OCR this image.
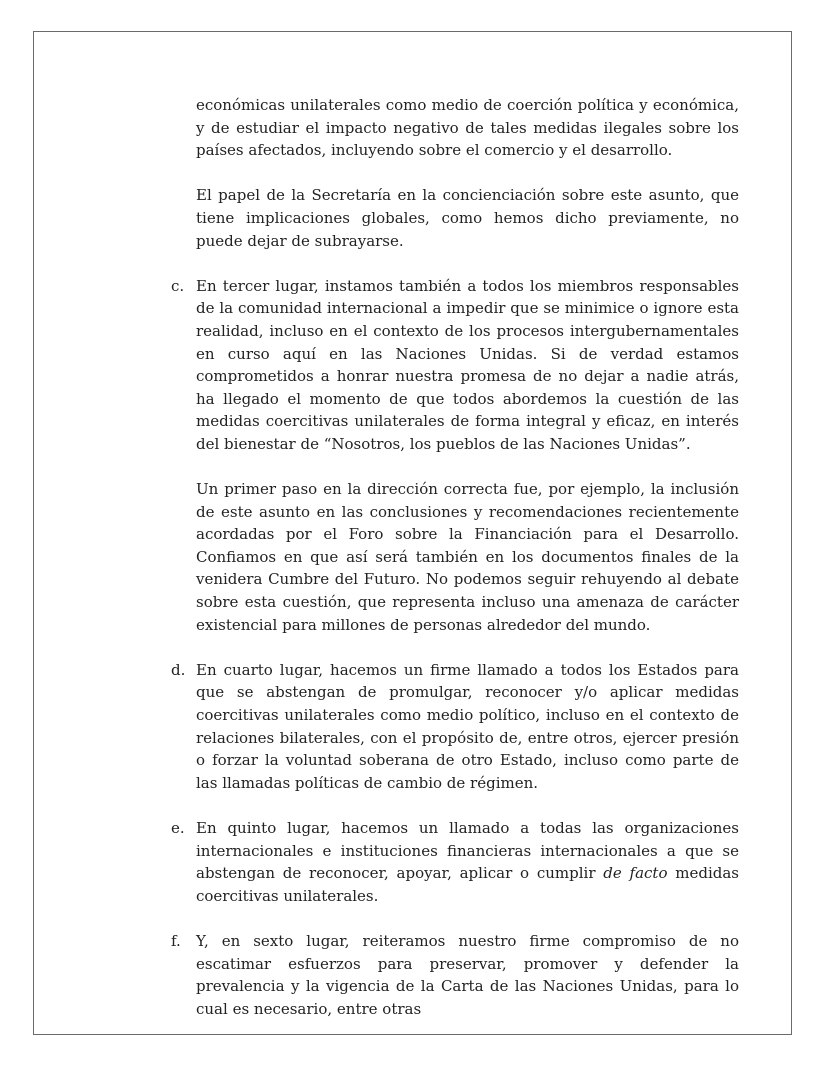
económicas unilaterales como medio de coerción política y económica, y de estudiar el impacto negativo de tales medidas ilegales sobre los países afectados, incluyendo sobre el comercio y el desarrollo.

El papel de la Secretaría en la concienciación sobre este asunto, que tiene implicaciones globales, como hemos dicho previamente, no puede dejar de subrayarse.

c. En tercer lugar, instamos también a todos los miembros responsables de la comunidad internacional a impedir que se minimice o ignore esta realidad, incluso en el contexto de los procesos intergubernamentales en curso aquí en las Naciones Unidas. Si de verdad estamos comprometidos a honrar nuestra promesa de no dejar a nadie atrás, ha llegado el momento de que todos abordemos la cuestión de las medidas coercitivas unilaterales de forma integral y eficaz, en interés del bienestar de “Nosotros, los pueblos de las Naciones Unidas”.

Un primer paso en la dirección correcta fue, por ejemplo, la inclusión de este asunto en las conclusiones y recomendaciones recientemente acordadas por el Foro sobre la Financiación para el Desarrollo. Confiamos en que así será también en los documentos finales de la venidera Cumbre del Futuro. No podemos seguir rehuyendo al debate sobre esta cuestión, que representa incluso una amenaza de carácter existencial para millones de personas alrededor del mundo.

d. En cuarto lugar, hacemos un firme llamado a todos los Estados para que se abstengan de promulgar, reconocer y/o aplicar medidas coercitivas unilaterales como medio político, incluso en el contexto de relaciones bilaterales, con el propósito de, entre otros, ejercer presión o forzar la voluntad soberana de otro Estado, incluso como parte de las llamadas políticas de cambio de régimen.
e. En quinto lugar, hacemos un llamado a todas las organizaciones internacionales e instituciones financieras internacionales a que se abstengan de reconocer, apoyar, aplicar o cumplir de facto medidas coercitivas unilaterales.
f. Y, en sexto lugar, reiteramos nuestro firme compromiso de no escatimar esfuerzos para preservar, promover y defender la prevalencia y la vigencia de la Carta de las Naciones Unidas, para lo cual es necesario, entre otras
